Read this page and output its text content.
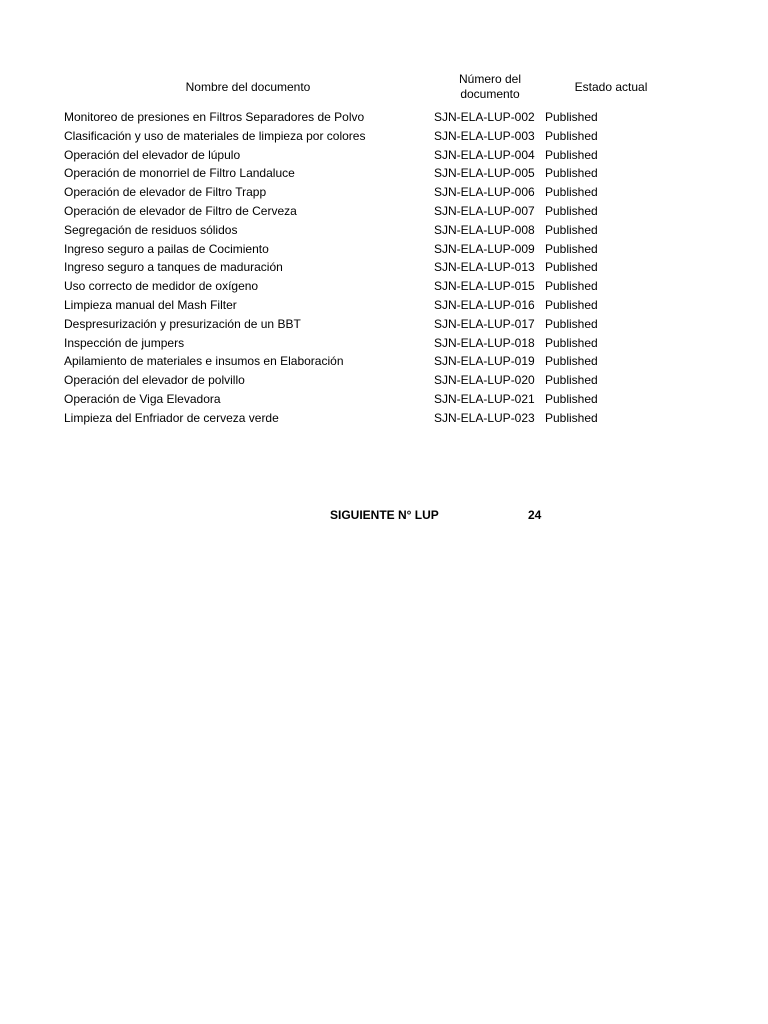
Nombre del documento
Número del
documento	Estado actual
Monitoreo de presiones en Filtros Separadores de Polvo	SJN-ELA-LUP-002 Published
Clasificación y uso de materiales de limpieza por colores	SJN-ELA-LUP-003 Published
Operación del elevador de lúpulo	SJN-ELA-LUP-004 Published
Operación de monorriel de Filtro Landaluce	SJN-ELA-LUP-005 Published
Operación de elevador de Filtro Trapp	SJN-ELA-LUP-006 Published
Operación de elevador de Filtro de Cerveza	SJN-ELA-LUP-007 Published
Segregación de residuos sólidos	SJN-ELA-LUP-008 Published
Ingreso seguro a pailas de Cocimiento	SJN-ELA-LUP-009 Published
Ingreso seguro a tanques de maduración	SJN-ELA-LUP-013 Published
Uso correcto de medidor de oxígeno	SJN-ELA-LUP-015 Published
Limpieza manual del Mash Filter	SJN-ELA-LUP-016 Published
Despresurización y presurización de un BBT	SJN-ELA-LUP-017 Published
Inspección de jumpers	SJN-ELA-LUP-018 Published
Apilamiento de materiales e insumos en Elaboración	SJN-ELA-LUP-019 Published
Operación del elevador de polvillo	SJN-ELA-LUP-020 Published
Operación de Viga Elevadora	SJN-ELA-LUP-021 Published
Limpieza del Enfriador de cerveza verde	SJN-ELA-LUP-023 Published
SIGUIENTE N° LUP	24
